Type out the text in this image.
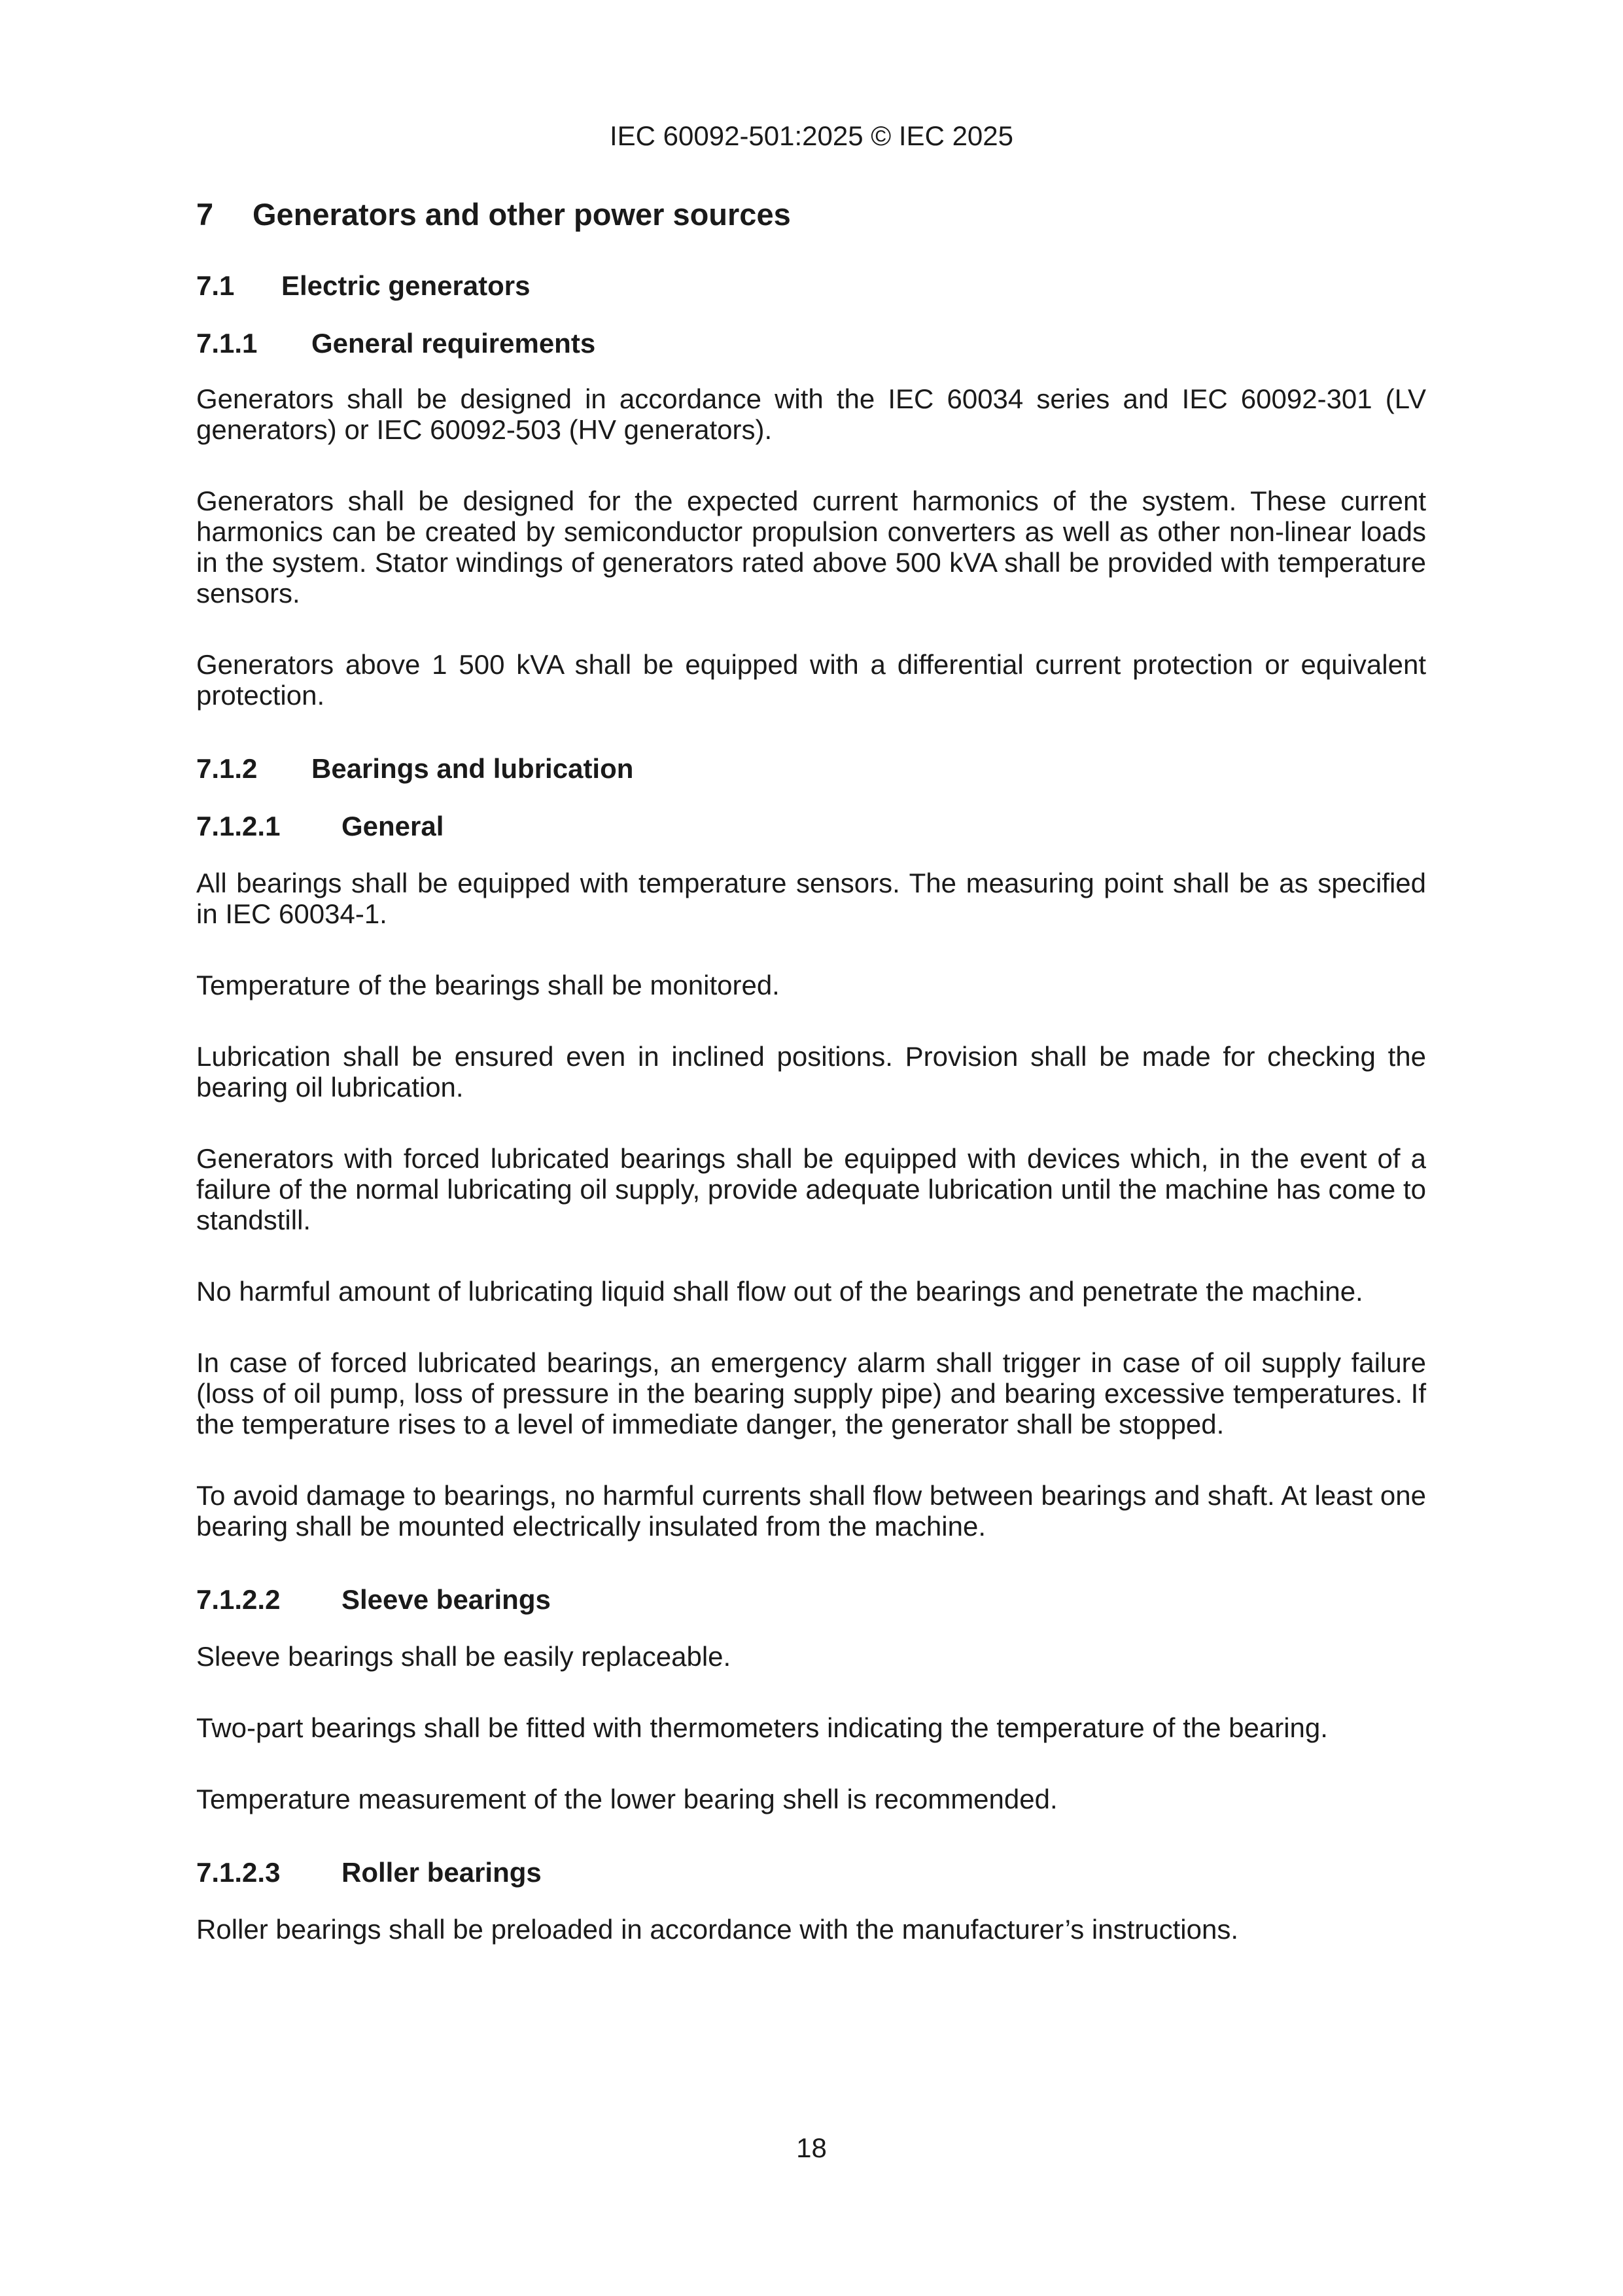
IEC 60092-501:2025 © IEC 2025
7	Generators and other power sources
7.1	Electric generators
7.1.1	General requirements
Generators shall be designed in accordance with the IEC 60034 series and IEC 60092-301 (LV generators) or IEC 60092-503 (HV generators).
Generators shall be designed for the expected current harmonics of the system. These current harmonics can be created by semiconductor propulsion converters as well as other non-linear loads in the system. Stator windings of generators rated above 500 kVA shall be provided with temperature sensors.
Generators above 1 500 kVA shall be equipped with a differential current protection or equivalent protection.
7.1.2	Bearings and lubrication
7.1.2.1	General
All bearings shall be equipped with temperature sensors. The measuring point shall be as specified in IEC 60034-1.
Temperature of the bearings shall be monitored.
Lubrication shall be ensured even in inclined positions. Provision shall be made for checking the bearing oil lubrication.
Generators with forced lubricated bearings shall be equipped with devices which, in the event of a failure of the normal lubricating oil supply, provide adequate lubrication until the machine has come to standstill.
No harmful amount of lubricating liquid shall flow out of the bearings and penetrate the machine.
In case of forced lubricated bearings, an emergency alarm shall trigger in case of oil supply failure (loss of oil pump, loss of pressure in the bearing supply pipe) and bearing excessive temperatures. If the temperature rises to a level of immediate danger, the generator shall be stopped.
To avoid damage to bearings, no harmful currents shall flow between bearings and shaft. At least one bearing shall be mounted electrically insulated from the machine.
7.1.2.2	Sleeve bearings
Sleeve bearings shall be easily replaceable.
Two-part bearings shall be fitted with thermometers indicating the temperature of the bearing.
Temperature measurement of the lower bearing shell is recommended.
7.1.2.3	Roller bearings
Roller bearings shall be preloaded in accordance with the manufacturer’s instructions.
18
